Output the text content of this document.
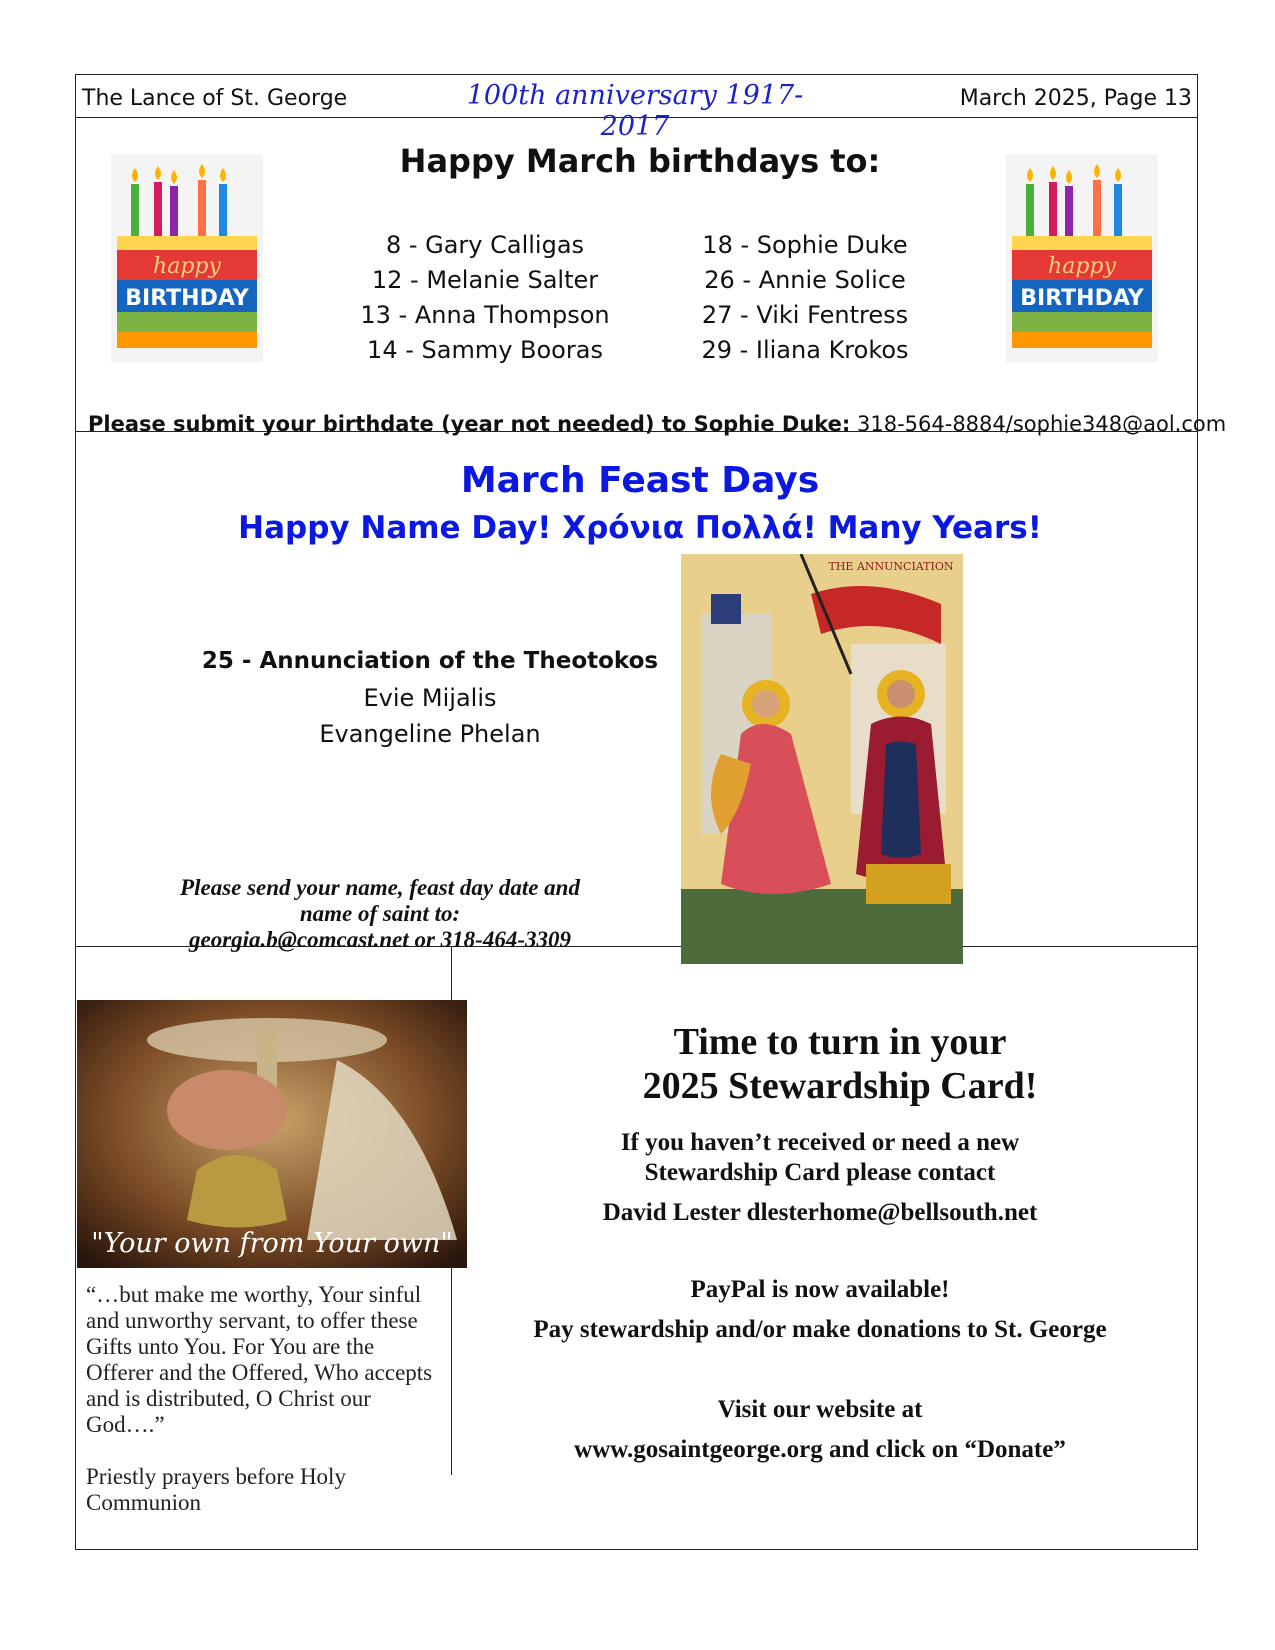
The Lance of St. George	100th anniversary 1917-2017
March 2025, Page 13
happy
BIRTHDAY
happy
BIRTHDAY
Happy March birthdays to:
8 - Gary Calligas
12 - Melanie Salter
13 - Anna Thompson
14 - Sammy Booras
18 - Sophie Duke
26 - Annie Solice
27 - Viki Fentress
29 - Iliana Krokos
Please submit your birthdate (year not needed) to Sophie Duke: 318-564-8884/sophie348@aol.com
March Feast Days
Happy Name Day! Χρόνια Πολλά! Many Years!
25 - Annunciation of the Theotokos
Evie Mijalis
Evangeline Phelan
Please send your name, feast day date and
name of saint to:
georgia.b@comcast.net or 318-464-3309
THE ANNUNCIATION
"Your own from Your own"
“…but make me worthy, Your sinful
and unworthy servant, to offer these
Gifts unto You. For You are the
Offerer and the Offered, Who accepts
and is distributed, O Christ our
God….”
Priestly prayers before Holy
Communion
Time to turn in your
2025 Stewardship Card!
If you haven’t received or need a new
Stewardship Card please contact
David Lester dlesterhome@bellsouth.net
PayPal is now available!
Pay stewardship and/or make donations to St. George
Visit our website at
www.gosaintgeorge.org and click on “Donate”
